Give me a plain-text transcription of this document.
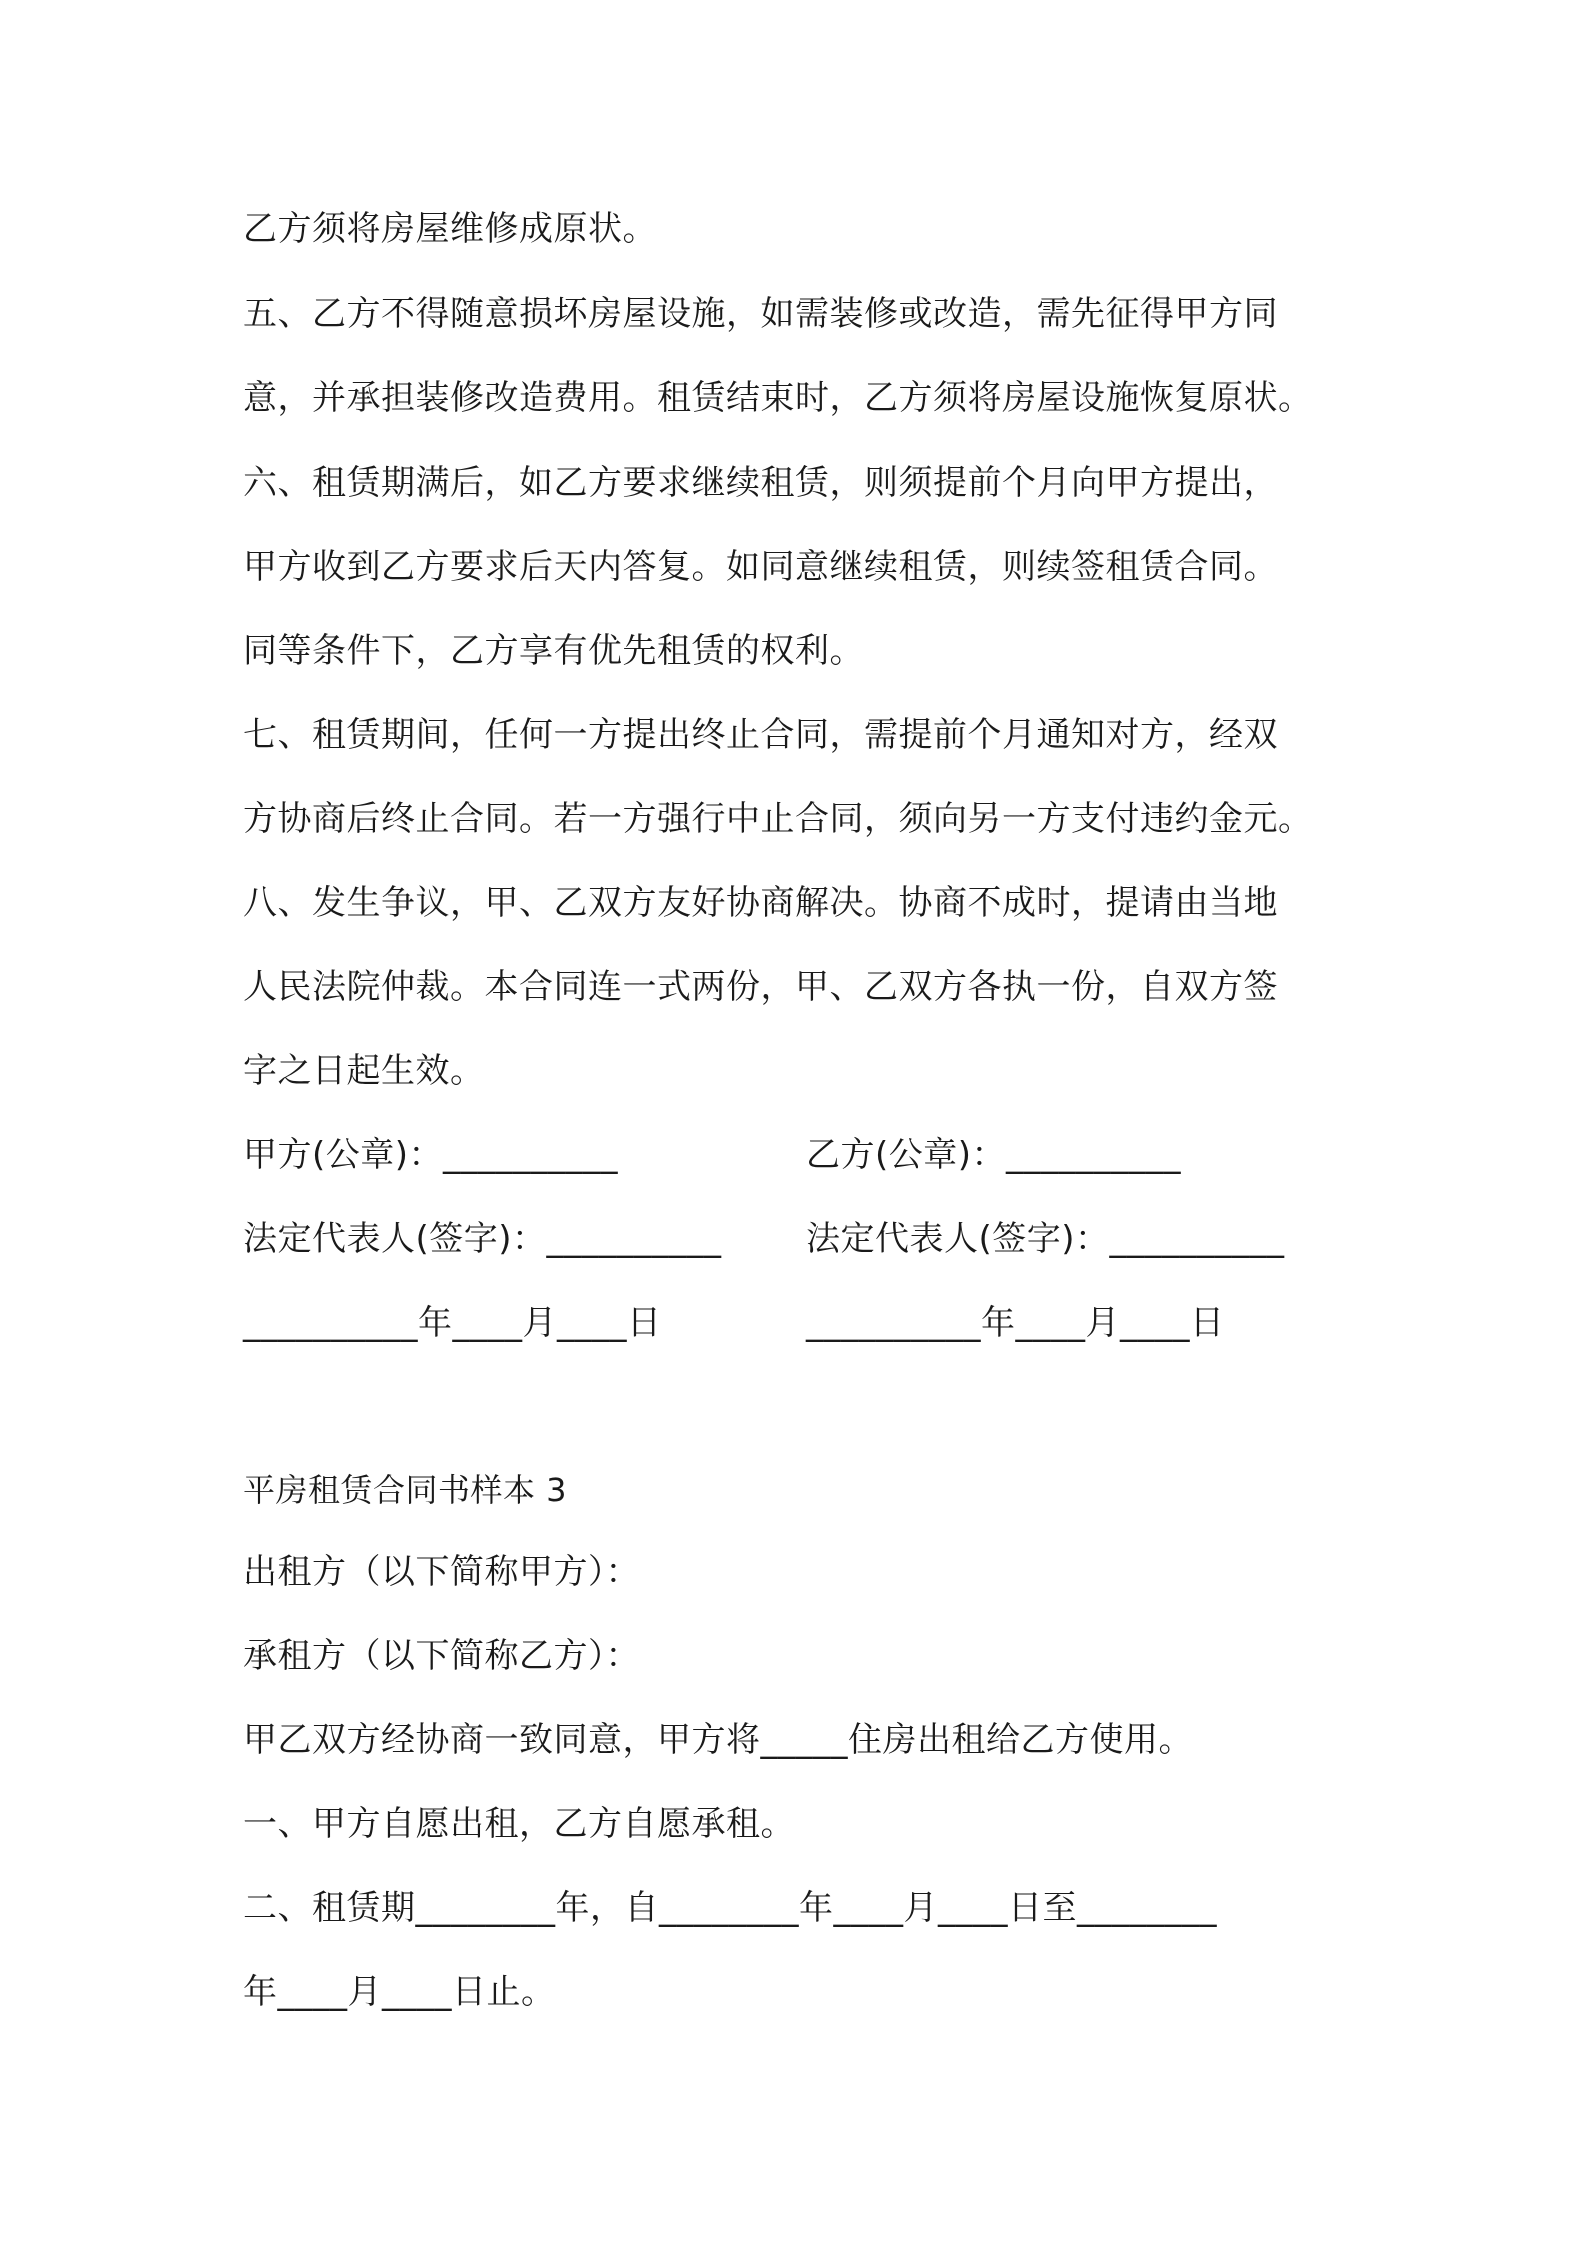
乙方须将房屋维修成原状。
五、乙方不得随意损坏房屋设施，如需装修或改造，需先征得甲方同
意，并承担装修改造费用。租赁结束时，乙方须将房屋设施恢复原状。
六、租赁期满后，如乙方要求继续租赁，则须提前个月向甲方提出，
甲方收到乙方要求后天内答复。如同意继续租赁，则续签租赁合同。
同等条件下，乙方享有优先租赁的权利。
七、租赁期间，任何一方提出终止合同，需提前个月通知对方，经双
方协商后终止合同。若一方强行中止合同，须向另一方支付违约金元。
八、发生争议，甲、乙双方友好协商解决。协商不成时，提请由当地
人民法院仲裁。本合同连一式两份，甲、乙双方各执一份，自双方签
字之日起生效。
甲方(公章)：__________	乙方(公章)：__________
法定代表人(签字)：__________ 法定代表人(签字)：__________
__________年____月____日	__________年____月____日
平房租赁合同书样本 3
出租方（以下简称甲方）：
承租方（以下简称乙方）：
甲乙双方经协商一致同意，甲方将_____住房出租给乙方使用。
一、甲方自愿出租，乙方自愿承租。
二、租赁期________年，自________年____月____日至________
年____月____日止。
